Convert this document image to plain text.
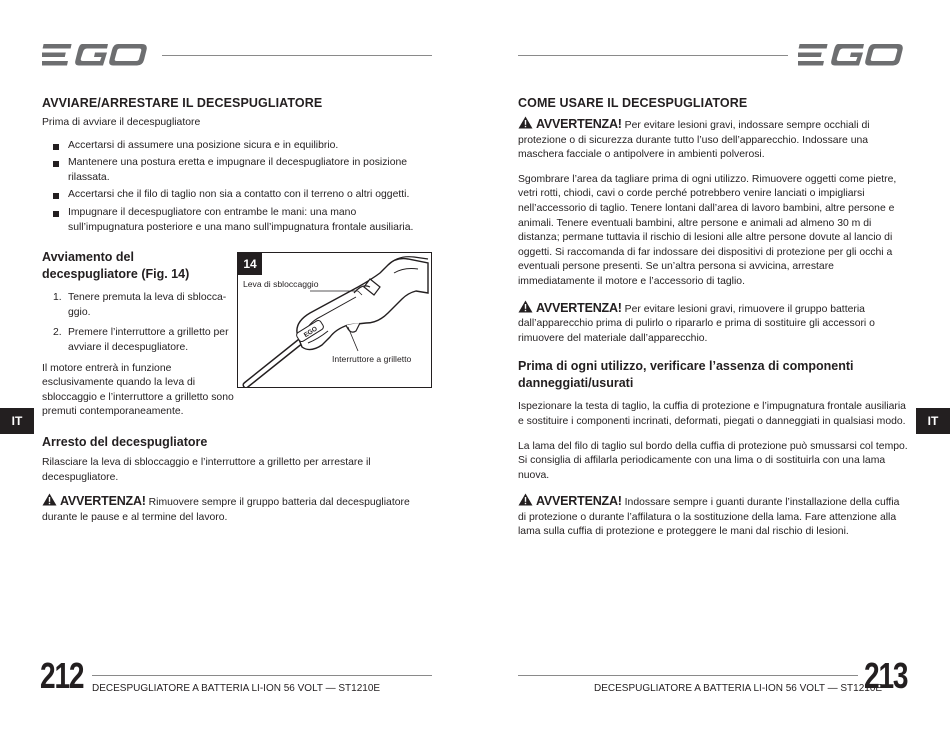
AVVIARE/ARRESTARE IL DECESPUGLIATORE

Prima di avviare il decespugliatore

Accertarsi di assumere una posizione sicura e in equilibrio.
Mantenere una postura eretta e impugnare il decespugliatore in posizione rilassata.
Accertarsi che il filo di taglio non sia a contatto con il terreno o altri oggetti.
Impugnare il decespugliatore con entrambe le mani: una mano sull’impugnatura posteriore e una mano sull’impugnatura frontale ausiliaria.
Avviamento del decespugliatore (Fig. 14)
1. Tenere premuta la leva di sbloccaggio.
2. Premere l’interruttore a grilletto per avviare il decespugliatore.

Il motore entrerà in funzione esclusivamente quando la leva di sbloccaggio e l’interruttore a grilletto sono premuti contemporaneamente.

Arresto del decespugliatore

Rilasciare la leva di sbloccaggio e l’interruttore a grilletto per arrestare il decespugliatore.

AVVERTENZA! Rimuovere sempre il gruppo batteria dal decespugliatore durante le pause e al termine del lavoro.

14
EGO
Leva di sbloccaggio
Interruttore a grilletto
COME USARE IL DECESPUGLIATORE

AVVERTENZA! Per evitare lesioni gravi, indossare sempre occhiali di protezione o di sicurezza durante tutto l’uso dell’apparecchio. Indossare una maschera facciale o antipolvere in ambienti polverosi.

Sgombrare l’area da tagliare prima di ogni utilizzo. Rimuovere oggetti come pietre, vetri rotti, chiodi, cavi o corde perché potrebbero venire lanciati o impigliarsi nell’accessorio di taglio. Tenere lontani dall’area di lavoro bambini, altre persone e animali. Tenere eventuali bambini, altre persone e animali ad almeno 30 m di distanza; permane tuttavia il rischio di lesioni alle altre persone dovute al lancio di oggetti. Si raccomanda di far indossare dei dispositivi di protezione per gli occhi a eventuali persone presenti. Se un’altra persona si avvicina, arrestare immediatamente il motore e l’accessorio di taglio.

AVVERTENZA! Per evitare lesioni gravi, rimuovere il gruppo batteria dall’apparecchio prima di pulirlo o ripararlo e prima di sostituire gli accessori o rimuovere del materiale dall’apparecchio.

Prima di ogni utilizzo, verificare l’assenza di componenti danneggiati/usurati

Ispezionare la testa di taglio, la cuffia di protezione e l’impugnatura frontale ausiliaria e sostituire i componenti incrinati, deformati, piegati o danneggiati in qualsiasi modo.

La lama del filo di taglio sul bordo della cuffia di protezione può smussarsi col tempo. Si consiglia di affilarla periodicamente con una lima o di sostituirla con una lama nuova.

AVVERTENZA! Indossare sempre i guanti durante l’installazione della cuffia di protezione o durante l’affilatura o la sostituzione della lama. Fare attenzione alla lama sulla cuffia di protezione e proteggere le mani dal rischio di lesioni.

IT	IT
212 DECESPUGLIATORE A BATTERIA LI-ION 56 VOLT — ST1210E	DECESPUGLIATORE A BATTERIA LI-ION 56 VOLT — ST1210E
213
